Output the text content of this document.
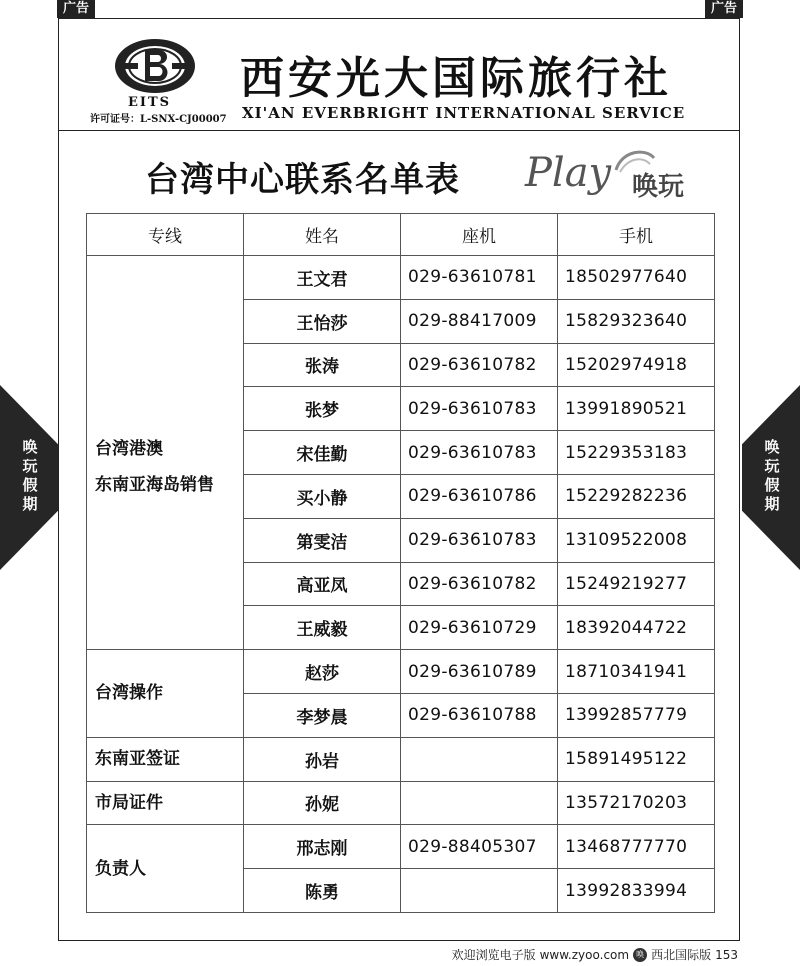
广告	广告
EITS
许可证号：L-SNX-CJ00007
西安光大国际旅行社
XI'AN EVERBRIGHT INTERNATIONAL SERVICE
台湾中心联系名单表 Play 唤玩
专线	姓名	座机	手机

台湾港澳
东南亚海岛销售	王文君	029-63610781	18502977640
	王怡莎	029-88417009	15829323640
	张涛	029-63610782	15202974918
	张梦	029-63610783	13991890521
	宋佳勤	029-63610783	15229353183
	买小静	029-63610786	15229282236
	第雯洁	029-63610783	13109522008
	高亚凤	029-63610782	15249219277
	王威毅	029-63610729	18392044722

台湾操作	赵莎	029-63610789	18710341941
	李梦晨	029-63610788	13992857779

东南亚签证	孙岩		15891495122

市局证件	孙妮		13572170203

负责人	邢志刚	029-88405307	13468777770
	陈勇		13992833994
唤
玩
假
期
唤
玩
假
期
欢迎浏览电子版 www.zyoo.com 唤 西北国际版 153
